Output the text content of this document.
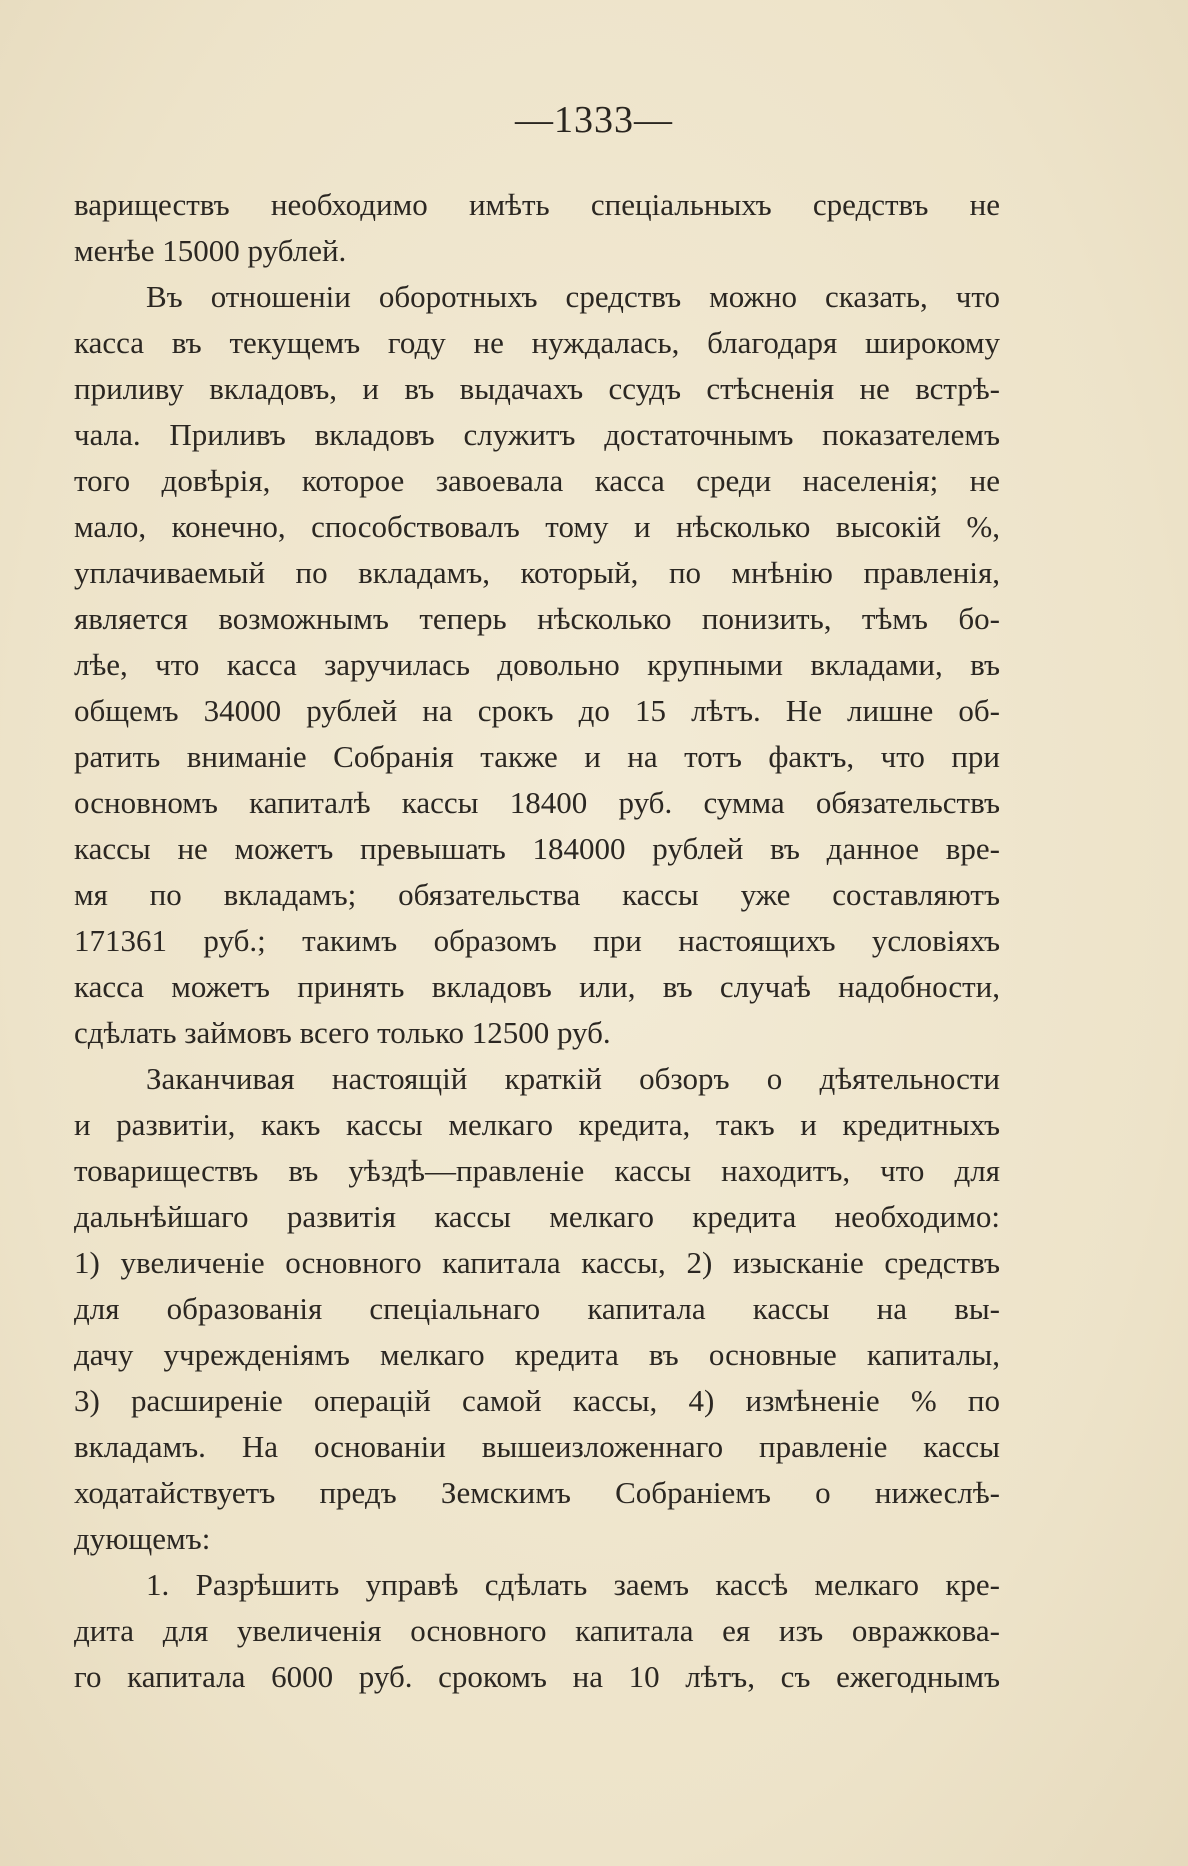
—1333—
вариществъ необходимо имѣть спеціальныхъ средствъ не
менѣе 15000 рублей.
Въ отношеніи оборотныхъ средствъ можно сказать, что
касса въ текущемъ году не нуждалась, благодаря широкому
приливу вкладовъ, и въ выдачахъ ссудъ стѣсненія не встрѣ-
чала. Приливъ вкладовъ служитъ достаточнымъ показателемъ
того довѣрія, которое завоевала касса среди населенія; не
мало, конечно, способствовалъ тому и нѣсколько высокій %,
уплачиваемый по вкладамъ, который, по мнѣнію правленія,
является возможнымъ теперь нѣсколько понизить, тѣмъ бо-
лѣе, что касса заручилась довольно крупными вкладами, въ
общемъ 34000 рублей на срокъ до 15 лѣтъ. Не лишне об-
ратить вниманіе Собранія также и на тотъ фактъ, что при
основномъ капиталѣ кассы 18400 руб. сумма обязательствъ
кассы не можетъ превышать 184000 рублей въ данное вре-
мя по вкладамъ; обязательства кассы уже составляютъ
171361 руб.; такимъ образомъ при настоящихъ условіяхъ
касса можетъ принять вкладовъ или, въ случаѣ надобности,
сдѣлать займовъ всего только 12500 руб.
Заканчивая настоящій краткій обзоръ о дѣятельности
и развитіи, какъ кассы мелкаго кредита, такъ и кредитныхъ
товариществъ въ уѣздѣ—правленіе кассы находитъ, что для
дальнѣйшаго развитія кассы мелкаго кредита необходимо:
1) увеличеніе основного капитала кассы, 2) изысканіе средствъ
для образованія спеціальнаго капитала кассы на вы-
дачу учрежденіямъ мелкаго кредита въ основные капиталы,
3) расширеніе операцій самой кассы, 4) измѣненіе % по
вкладамъ. На основаніи вышеизложеннаго правленіе кассы
ходатайствуетъ предъ Земскимъ Собраніемъ о нижеслѣ-
дующемъ:
1. Разрѣшить управѣ сдѣлать заемъ кассѣ мелкаго кре-
дита для увеличенія основного капитала ея изъ овражкова-
го капитала 6000 руб. срокомъ на 10 лѣтъ, съ ежегоднымъ
